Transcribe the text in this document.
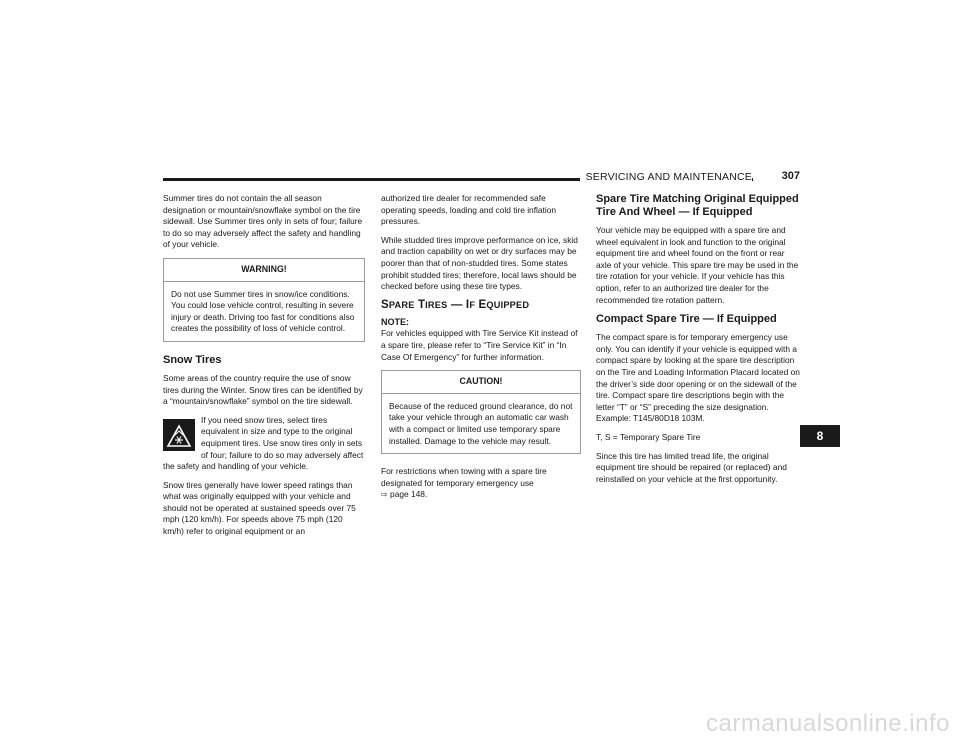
SERVICING AND MAINTENANCE	307

Summer tires do not contain the all season designation or mountain/snowflake symbol on the tire sidewall. Use Summer tires only in sets of four; failure to do so may adversely affect the safety and handling of your vehicle.

WARNING!
Do not use Summer tires in snow/ice conditions. You could lose vehicle control, resulting in severe injury or death. Driving too fast for conditions also creates the possibility of loss of vehicle control.
Snow Tires

Some areas of the country require the use of snow tires during the Winter. Snow tires can be identified by a “mountain/snowflake” symbol on the tire sidewall.

If you need snow tires, select tires equivalent in size and type to the original equipment tires. Use snow tires only in sets of four; failure to do so may adversely affect the safety and handling of your vehicle.

Snow tires generally have lower speed ratings than what was originally equipped with your vehicle and should not be operated at sustained speeds over 75 mph (120 km/h). For speeds above 75 mph (120 km/h) refer to original equipment or an

authorized tire dealer for recommended safe operating speeds, loading and cold tire inflation pressures.

While studded tires improve performance on ice, skid and traction capability on wet or dry surfaces may be poorer than that of non-studded tires. Some states prohibit studded tires; therefore, local laws should be checked before using these tire types.

SPARE TIRES — IF EQUIPPED
NOTE:

For vehicles equipped with Tire Service Kit instead of a spare tire, please refer to “Tire Service Kit” in “In Case Of Emergency” for further information.

CAUTION!
Because of the reduced ground clearance, do not take your vehicle through an automatic car wash with a compact or limited use temporary spare installed. Damage to the vehicle may result.

For restrictions when towing with a spare tire designated for temporary emergency use
⇨ page 148.

Spare Tire Matching Original Equipped Tire And Wheel — If Equipped

Your vehicle may be equipped with a spare tire and wheel equivalent in look and function to the original equipment tire and wheel found on the front or rear axle of your vehicle. This spare tire may be used in the tire rotation for your vehicle. If your vehicle has this option, refer to an authorized tire dealer for the recommended tire rotation pattern.

Compact Spare Tire — If Equipped

The compact spare is for temporary emergency use only. You can identify if your vehicle is equipped with a compact spare by looking at the spare tire description on the Tire and Loading Information Placard located on the driver’s side door opening or on the sidewall of the tire. Compact spare tire descriptions begin with the letter “T” or “S” preceding the size designation. Example: T145/80D18 103M.

T, S = Temporary Spare Tire

Since this tire has limited tread life, the original equipment tire should be repaired (or replaced) and reinstalled on your vehicle at the first opportunity.

8
carmanualsonline.info
